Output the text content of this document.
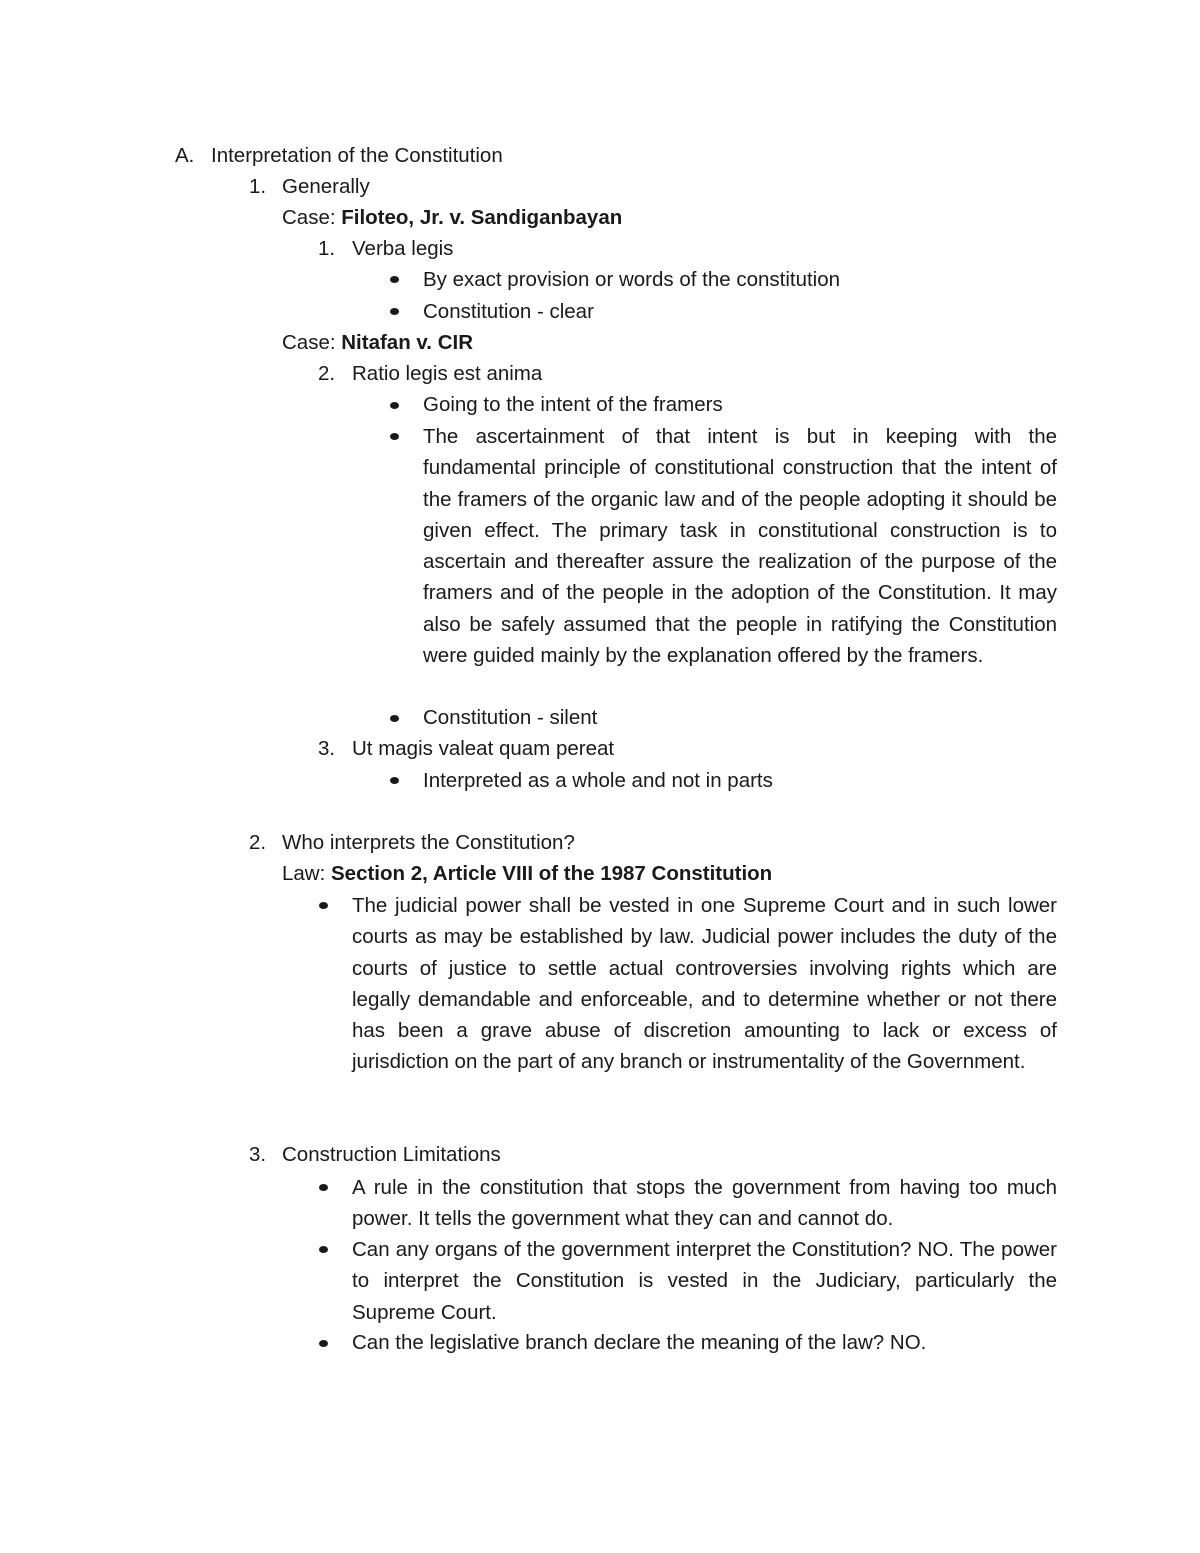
A. Interpretation of the Constitution
1. Generally
Case: Filoteo, Jr. v. Sandiganbayan
1. Verba legis
By exact provision or words of the constitution
Constitution - clear
Case: Nitafan v. CIR
2. Ratio legis est anima
Going to the intent of the framers
The ascertainment of that intent is but in keeping with the fundamental principle of constitutional construction that the intent of the framers of the organic law and of the people adopting it should be given effect. The primary task in constitutional construction is to ascertain and thereafter assure the realization of the purpose of the framers and of the people in the adoption of the Constitution. It may also be safely assumed that the people in ratifying the Constitution were guided mainly by the explanation offered by the framers.
Constitution - silent
3. Ut magis valeat quam pereat
Interpreted as a whole and not in parts
2. Who interprets the Constitution?
Law: Section 2, Article VIII of the 1987 Constitution
The judicial power shall be vested in one Supreme Court and in such lower courts as may be established by law. Judicial power includes the duty of the courts of justice to settle actual controversies involving rights which are legally demandable and enforceable, and to determine whether or not there has been a grave abuse of discretion amounting to lack or excess of jurisdiction on the part of any branch or instrumentality of the Government.
3. Construction Limitations
A rule in the constitution that stops the government from having too much power. It tells the government what they can and cannot do.
Can any organs of the government interpret the Constitution? NO. The power to interpret the Constitution is vested in the Judiciary, particularly the Supreme Court.
Can the legislative branch declare the meaning of the law? NO.
